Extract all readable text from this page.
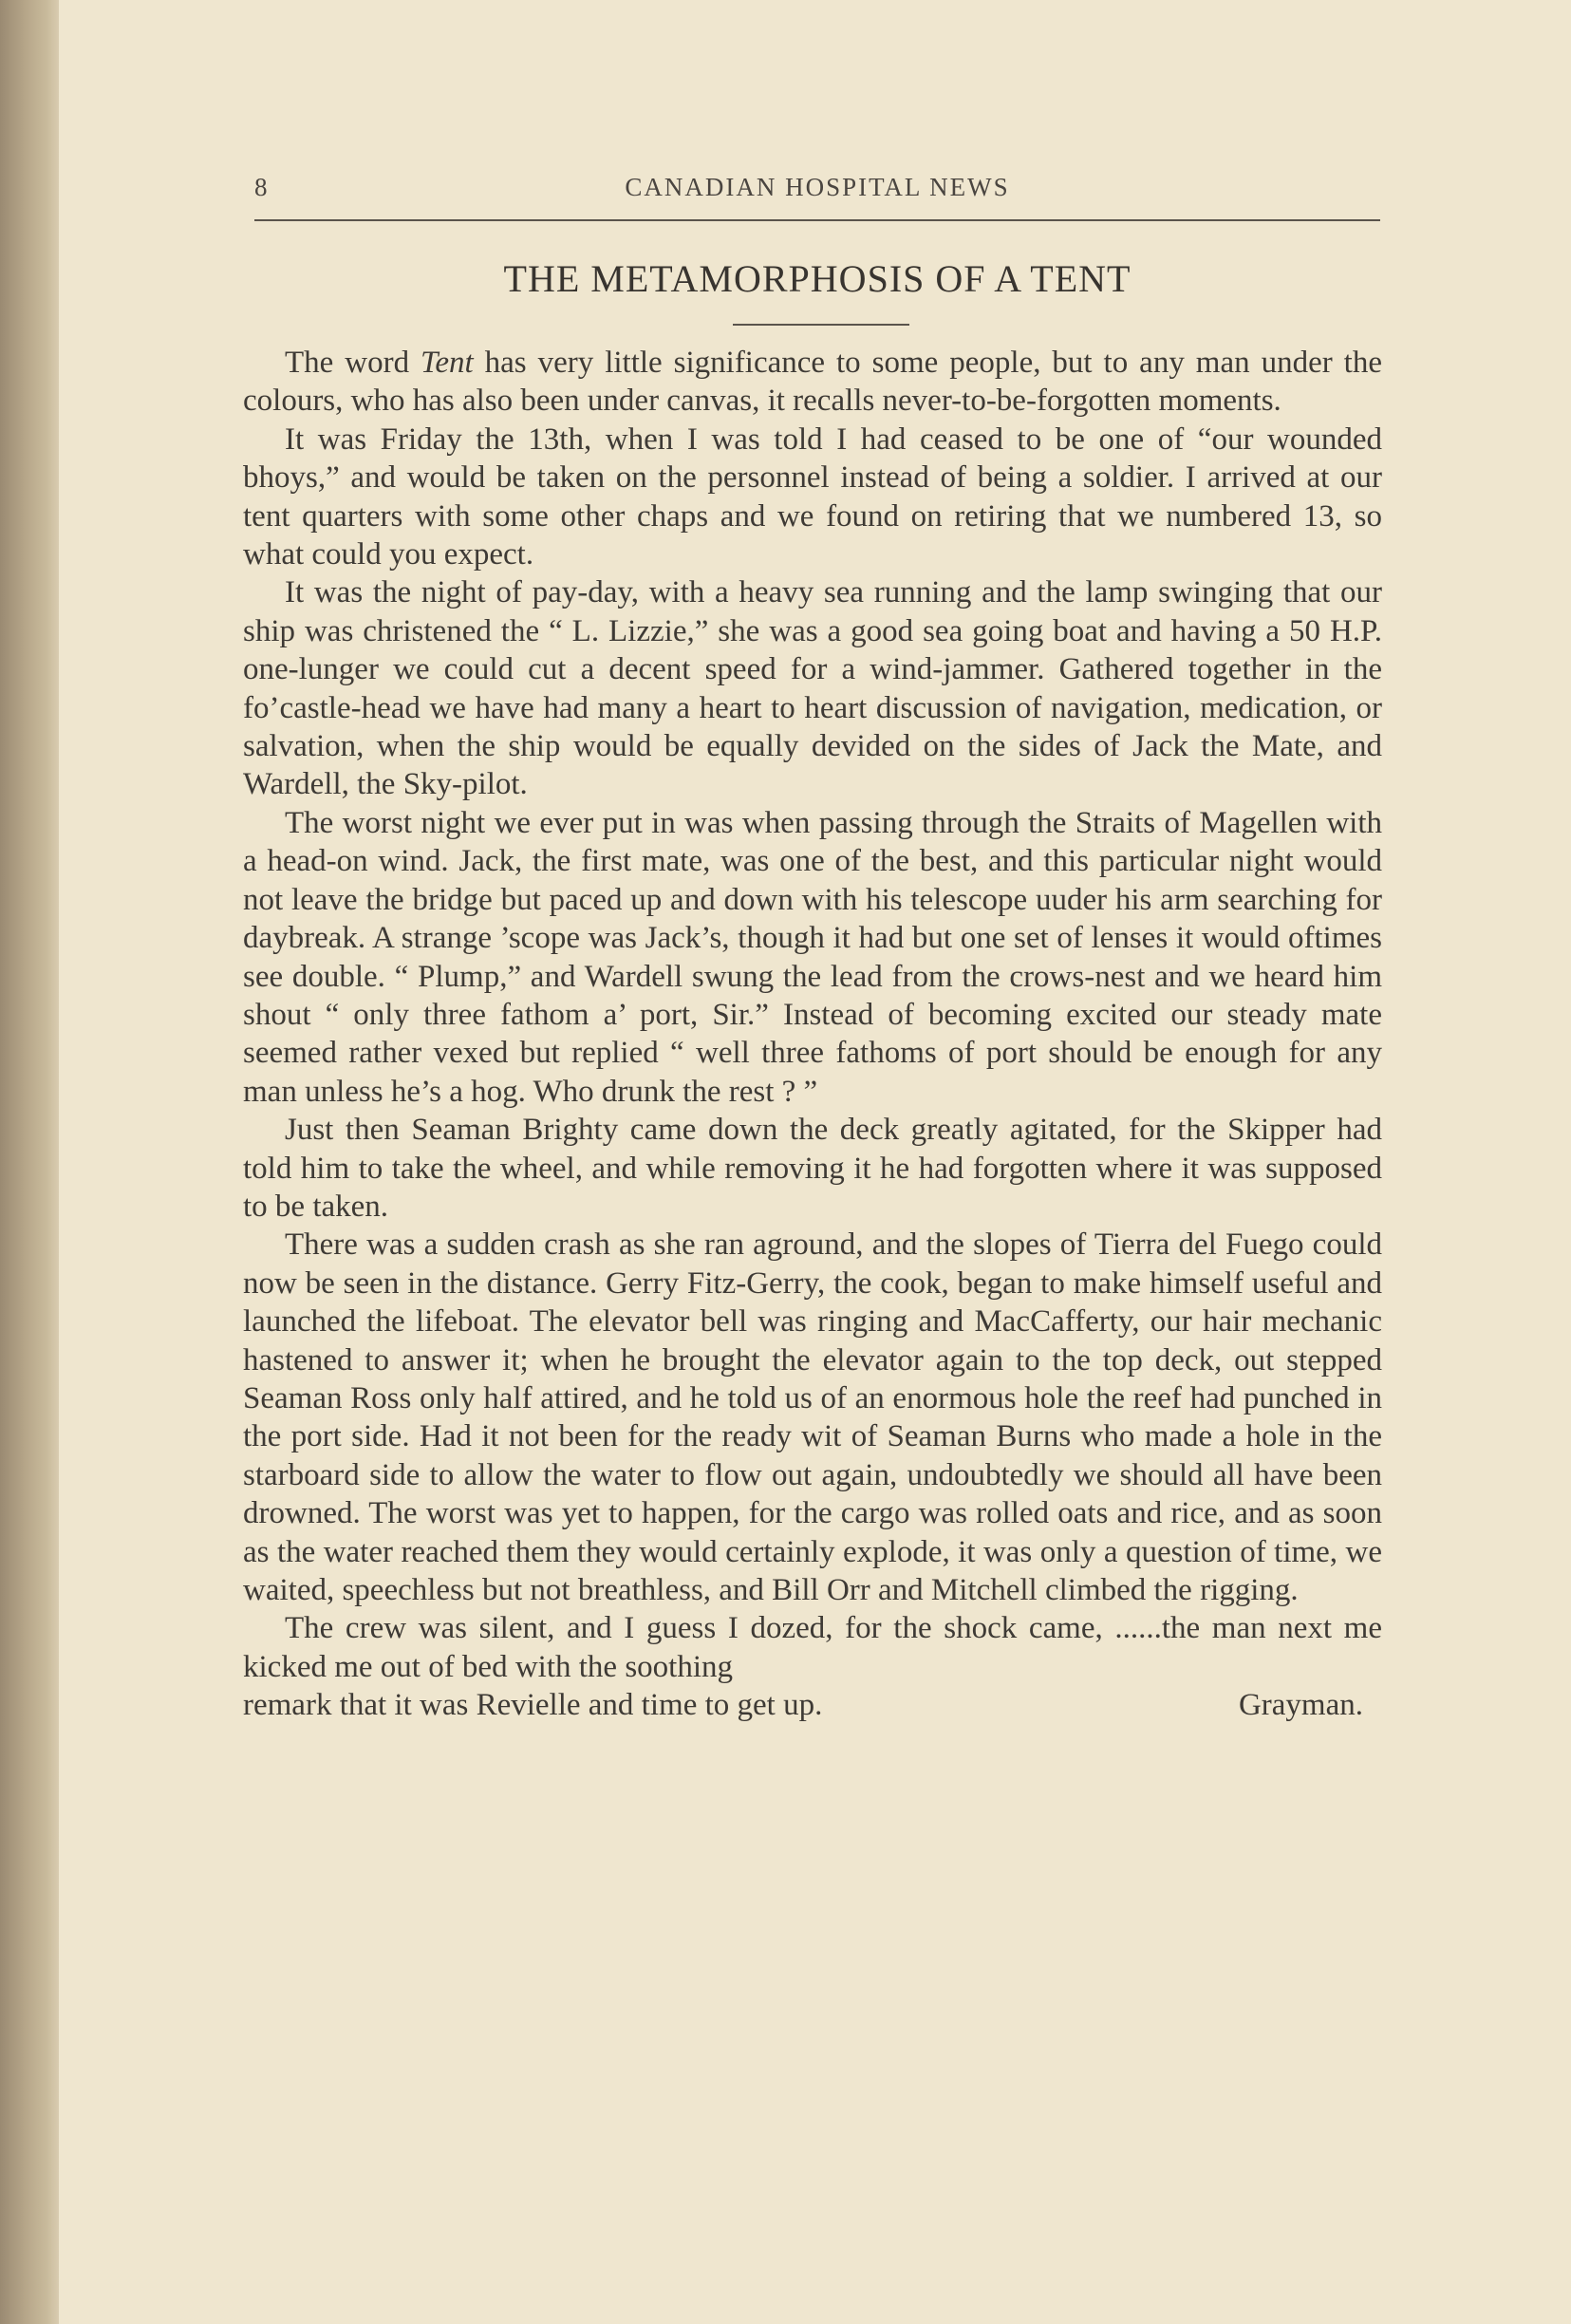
8	CANADIAN HOSPITAL NEWS
THE METAMORPHOSIS OF A TENT

The word Tent has very little significance to some people, but to any man under the colours, who has also been under canvas, it recalls never-to-be-forgotten moments.

It was Friday the 13th, when I was told I had ceased to be one of “our wounded bhoys,” and would be taken on the personnel instead of being a soldier. I arrived at our tent quarters with some other chaps and we found on retiring that we numbered 13, so what could you expect.

It was the night of pay-day, with a heavy sea running and the lamp swinging that our ship was christened the “ L. Lizzie,” she was a good sea going boat and having a 50 H.P. one-lunger we could cut a decent speed for a wind-jammer. Gathered together in the fo’castle-head we have had many a heart to heart discussion of navigation, medication, or salvation, when the ship would be equally devided on the sides of Jack the Mate, and Wardell, the Sky-pilot.

The worst night we ever put in was when passing through the Straits of Magellen with a head-on wind. Jack, the first mate, was one of the best, and this particular night would not leave the bridge but paced up and down with his telescope uuder his arm searching for daybreak. A strange ’scope was Jack’s, though it had but one set of lenses it would oftimes see double. “ Plump,” and Wardell swung the lead from the crows-nest and we heard him shout “ only three fathom a’ port, Sir.” Instead of becoming excited our steady mate seemed rather vexed but replied “ well three fathoms of port should be enough for any man unless he’s a hog. Who drunk the rest ? ”

Just then Seaman Brighty came down the deck greatly agitated, for the Skipper had told him to take the wheel, and while removing it he had forgotten where it was supposed to be taken.

There was a sudden crash as she ran aground, and the slopes of Tierra del Fuego could now be seen in the distance. Gerry Fitz-Gerry, the cook, began to make himself useful and launched the lifeboat. The elevator bell was ringing and MacCafferty, our hair mechanic hastened to answer it; when he brought the elevator again to the top deck, out stepped Seaman Ross only half attired, and he told us of an enormous hole the reef had punched in the port side. Had it not been for the ready wit of Seaman Burns who made a hole in the starboard side to allow the water to flow out again, undoubtedly we should all have been drowned. The worst was yet to happen, for the cargo was rolled oats and rice, and as soon as the water reached them they would certainly explode, it was only a question of time, we waited, speechless but not breathless, and Bill Orr and Mitchell climbed the rigging.

The crew was silent, and I guess I dozed, for the shock came, ......the man next me kicked me out of bed with the soothing

remark that it was Revielle and time to get up.	Grayman.
